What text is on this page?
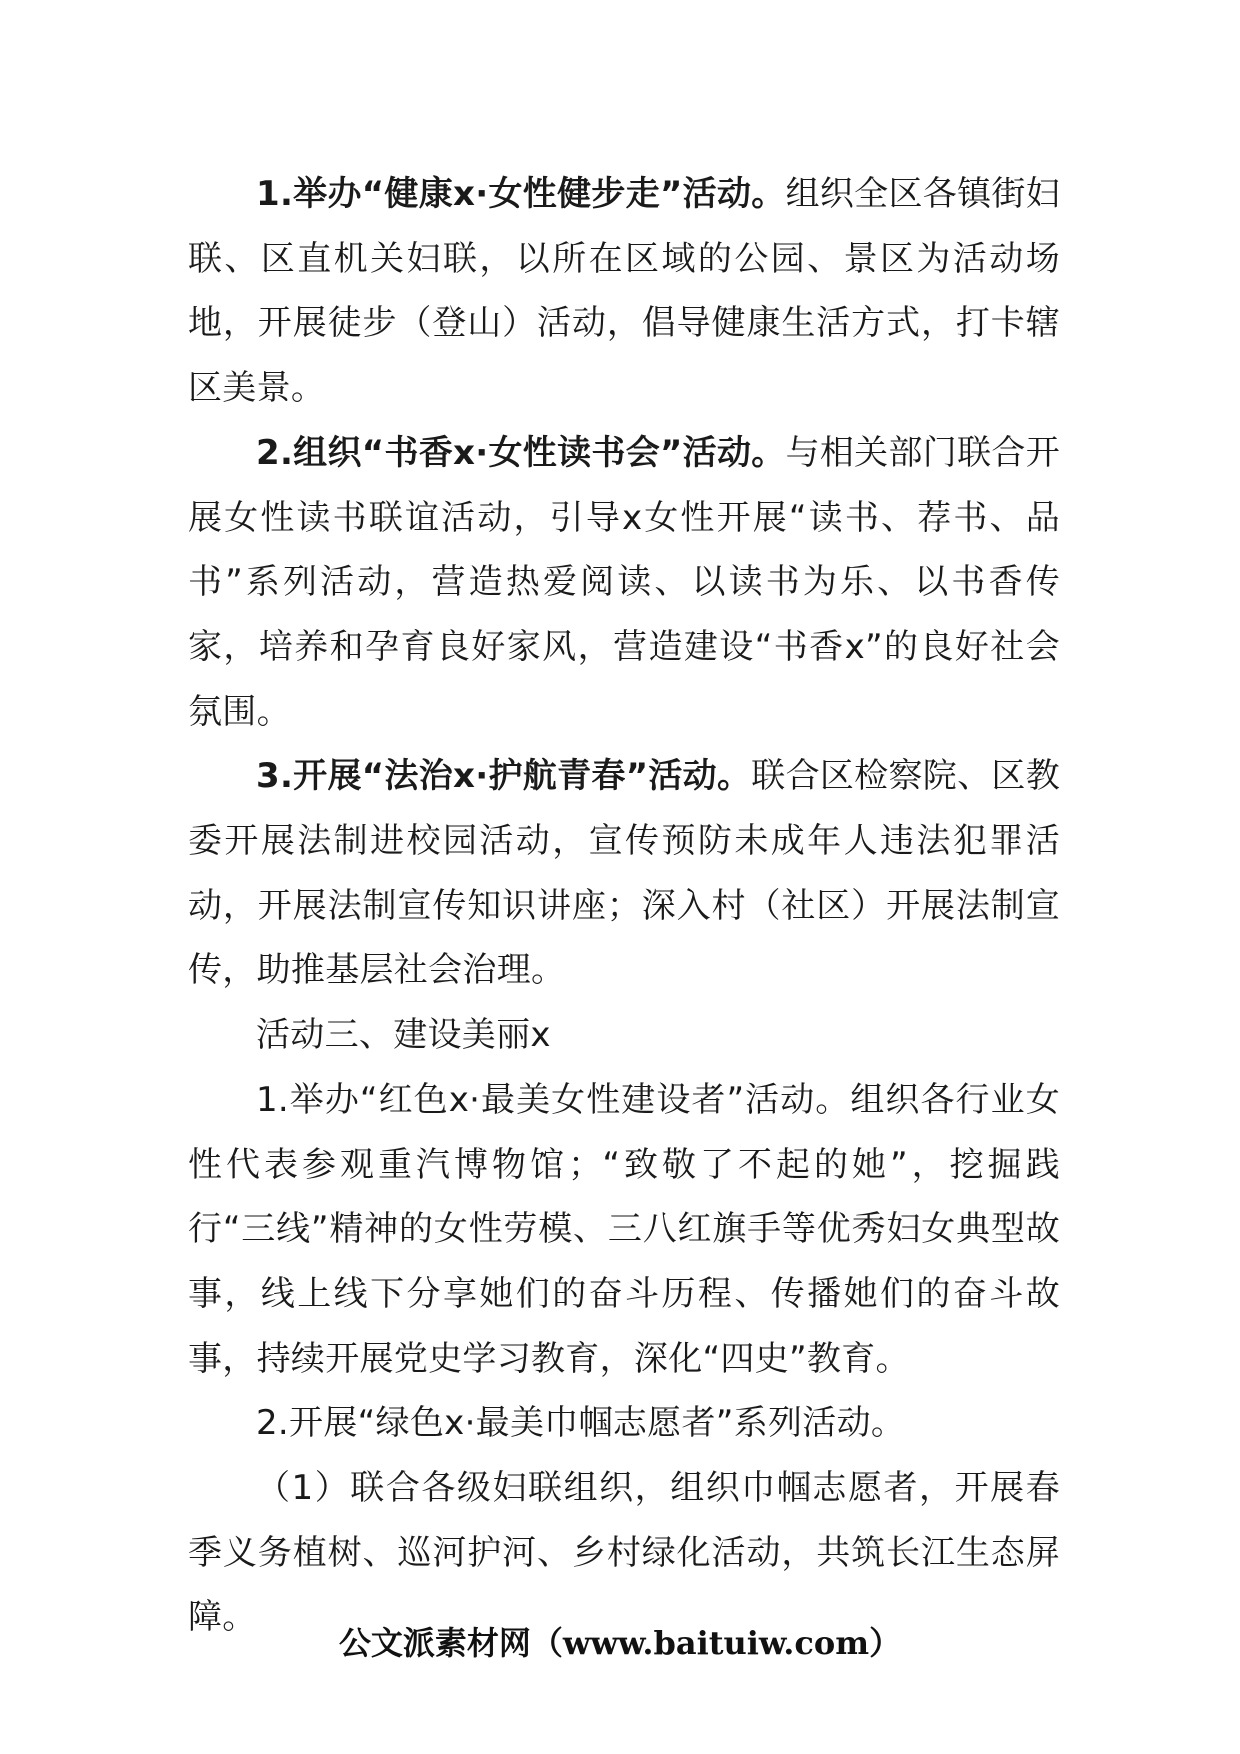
1.举办“健康x·女性健步走”活动。组织全区各镇街妇联、区直机关妇联，以所在区域的公园、景区为活动场地，开展徒步（登山）活动，倡导健康生活方式，打卡辖区美景。

2.组织“书香x·女性读书会”活动。与相关部门联合开展女性读书联谊活动，引导x女性开展“读书、荐书、品书”系列活动，营造热爱阅读、以读书为乐、以书香传家，培养和孕育良好家风，营造建设“书香x”的良好社会氛围。

3.开展“法治x·护航青春”活动。联合区检察院、区教委开展法制进校园活动，宣传预防未成年人违法犯罪活动，开展法制宣传知识讲座；深入村（社区）开展法制宣传，助推基层社会治理。

活动三、建设美丽x

1.举办“红色x·最美女性建设者”活动。组织各行业女性代表参观重汽博物馆；“致敬了不起的她”，挖掘践行“三线”精神的女性劳模、三八红旗手等优秀妇女典型故事，线上线下分享她们的奋斗历程、传播她们的奋斗故事，持续开展党史学习教育，深化“四史”教育。

2.开展“绿色x·最美巾帼志愿者”系列活动。

（1）联合各级妇联组织，组织巾帼志愿者，开展春季义务植树、巡河护河、乡村绿化活动，共筑长江生态屏障。

公文派素材网（www.baituiw.com）
